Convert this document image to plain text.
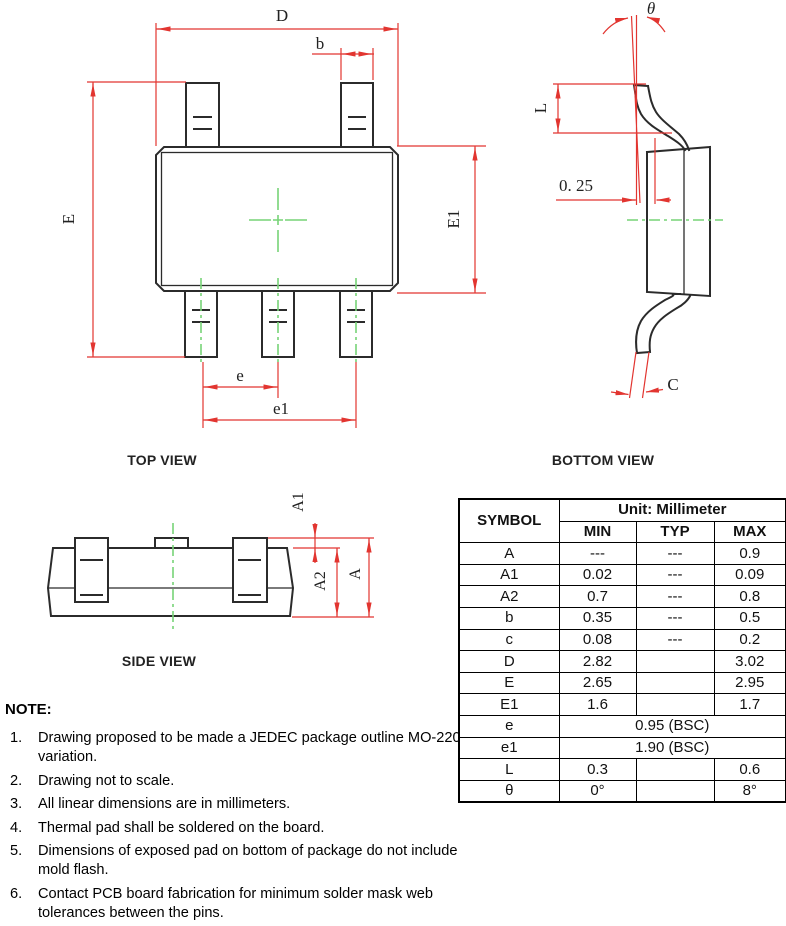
D
b
E	E1
e
e1
θ
L
0. 25
C
A1
A2 A
TOP VIEW	BOTTOM VIEW
SIDE VIEW
SYMBOL	Unit: Millimeter		
	MIN	TYP	MAX
A	---	---	0.9
A1	0.02	---	0.09
A2	0.7	---	0.8
b	0.35	---	0.5
c	0.08	---	0.2
D	2.82		3.02
E	2.65		2.95
E1	1.6		1.7
e	0.95 (BSC)		
e1	1.90 (BSC)		
L	0.3		0.6
θ	0°		8°
NOTE:
1. Drawing proposed to be made a JEDEC package outline MO-220 variation.
2. Drawing not to scale.
3. All linear dimensions are in millimeters.
4. Thermal pad shall be soldered on the board.
5. Dimensions of exposed pad on bottom of package do not include mold flash.
6. Contact PCB board fabrication for minimum solder mask web tolerances between the pins.
